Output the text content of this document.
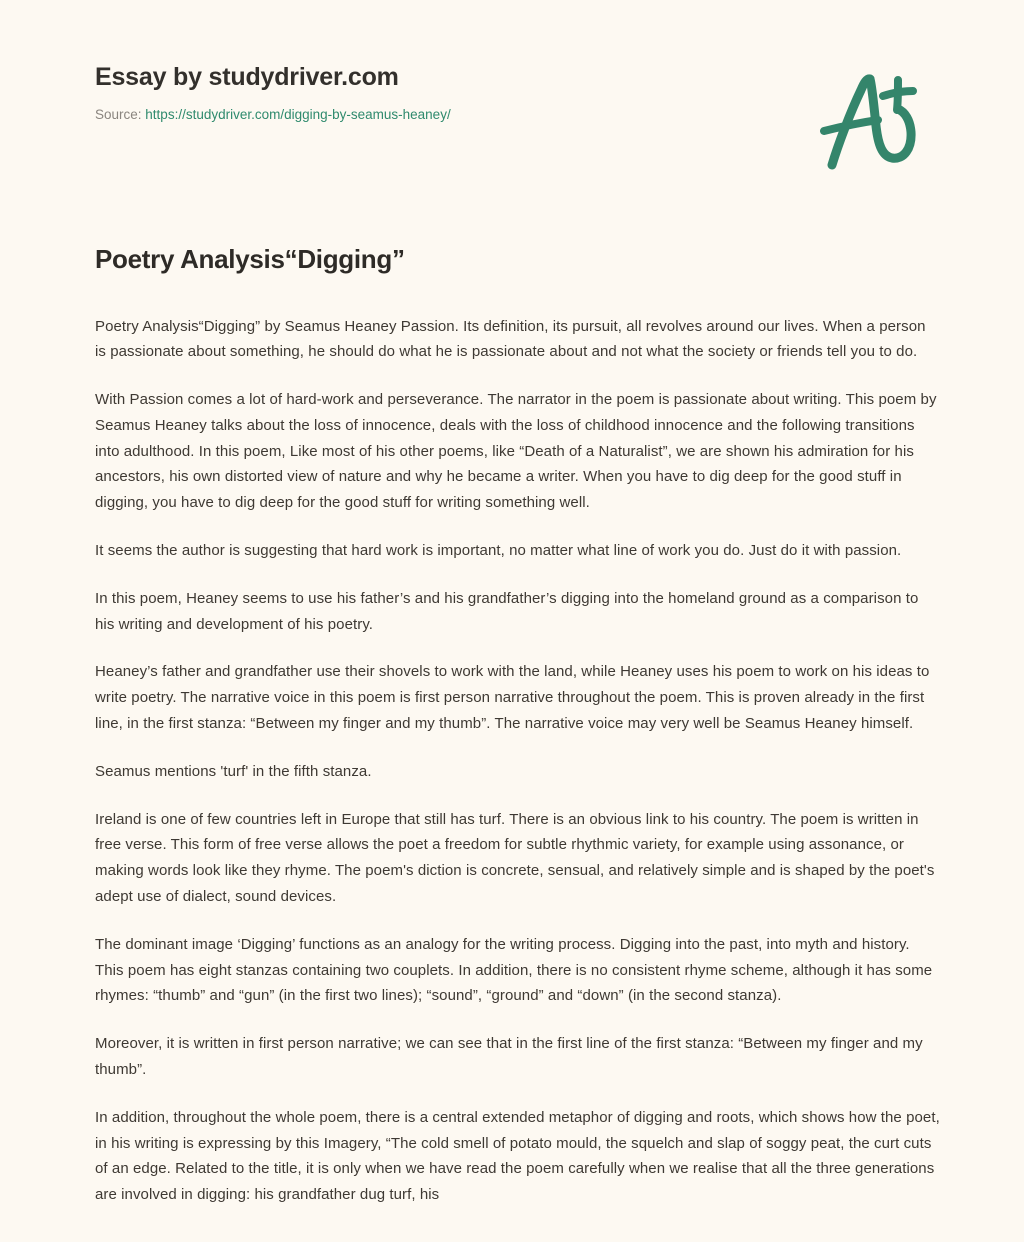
Essay by studydriver.com
Source: https://studydriver.com/digging-by-seamus-heaney/
Poetry Analysis“Digging”

Poetry Analysis“Digging” by Seamus Heaney Passion. Its definition, its pursuit, all revolves around our lives. When a person is passionate about something, he should do what he is passionate about and not what the society or friends tell you to do.

With Passion comes a lot of hard-work and perseverance. The narrator in the poem is passionate about writing. This poem by Seamus Heaney talks about the loss of innocence, deals with the loss of childhood innocence and the following transitions into adulthood. In this poem, Like most of his other poems, like “Death of a Naturalist”, we are shown his admiration for his ancestors, his own distorted view of nature and why he became a writer. When you have to dig deep for the good stuff in digging, you have to dig deep for the good stuff for writing something well.

It seems the author is suggesting that hard work is important, no matter what line of work you do. Just do it with passion.

In this poem, Heaney seems to use his father’s and his grandfather’s digging into the homeland ground as a comparison to his writing and development of his poetry.

Heaney’s father and grandfather use their shovels to work with the land, while Heaney uses his poem to work on his ideas to write poetry. The narrative voice in this poem is first person narrative throughout the poem. This is proven already in the first line, in the first stanza: “Between my finger and my thumb”. The narrative voice may very well be Seamus Heaney himself.

Seamus mentions 'turf' in the fifth stanza.

Ireland is one of few countries left in Europe that still has turf. There is an obvious link to his country. The poem is written in free verse. This form of free verse allows the poet a freedom for subtle rhythmic variety, for example using assonance, or making words look like they rhyme. The poem's diction is concrete, sensual, and relatively simple and is shaped by the poet's adept use of dialect, sound devices.

The dominant image ‘Digging’ functions as an analogy for the writing process. Digging into the past, into myth and history. This poem has eight stanzas containing two couplets. In addition, there is no consistent rhyme scheme, although it has some rhymes: “thumb” and “gun” (in the first two lines); “sound”, “ground” and “down” (in the second stanza).

Moreover, it is written in first person narrative; we can see that in the first line of the first stanza: “Between my finger and my thumb”.

In addition, throughout the whole poem, there is a central extended metaphor of digging and roots, which shows how the poet, in his writing is expressing by this Imagery, “The cold smell of potato mould, the squelch and slap of soggy peat, the curt cuts of an edge. Related to the title, it is only when we have read the poem carefully when we realise that all the three generations are involved in digging: his grandfather dug turf, his
